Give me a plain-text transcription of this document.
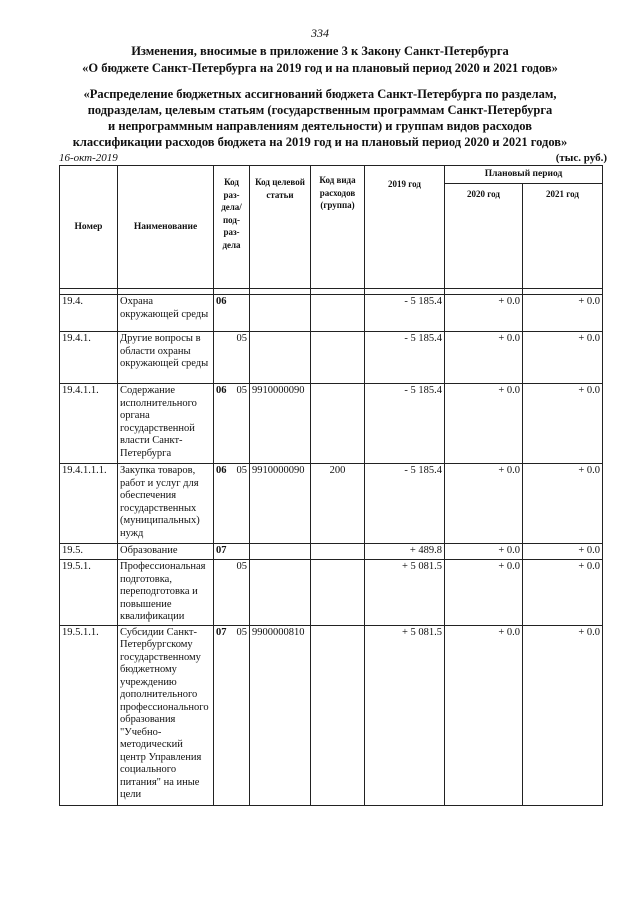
334
Изменения, вносимые в приложение 3 к Закону Санкт-Петербурга
«О бюджете Санкт-Петербурга на 2019 год и на плановый период 2020 и 2021 годов»
«Распределение бюджетных ассигнований бюджета Санкт-Петербурга по разделам,
подразделам, целевым статьям (государственным программам Санкт-Петербурга
и непрограммным направлениям деятельности) и группам видов расходов
классификации расходов бюджета на 2019 год и на плановый период 2020 и 2021 годов»
16-окт-2019	(тыс. руб.)
Номер	Наименование	Код раз- дела/ под- раз- дела		Код целевой статьи	Код вида расходов (группа)	2019 год	Плановый период	
							2020 год	2021 год

19.4.	Охрана окружающей среды	06				- 5 185.4	+ 0.0	+ 0.0
19.4.1.	Другие вопросы в области охраны окружающей среды		05			- 5 185.4	+ 0.0	+ 0.0
19.4.1.1.	Содержание исполнительного органа государственной власти Санкт-Петербурга	06	05	9910000090		- 5 185.4	+ 0.0	+ 0.0
19.4.1.1.1.	Закупка товаров, работ и услуг для обеспечения государственных (муниципальных) нужд	06	05	9910000090	200	- 5 185.4	+ 0.0	+ 0.0
19.5.	Образование	07				+ 489.8	+ 0.0	+ 0.0
19.5.1.	Профессиональная подготовка, переподготовка и повышение квалификации		05			+ 5 081.5	+ 0.0	+ 0.0
19.5.1.1.	Субсидии Санкт-Петербургскому государственному бюджетному учреждению дополнительного профессионального образования "Учебно-методический центр Управления социального питания" на иные цели	07	05	9900000810		+ 5 081.5	+ 0.0	+ 0.0
